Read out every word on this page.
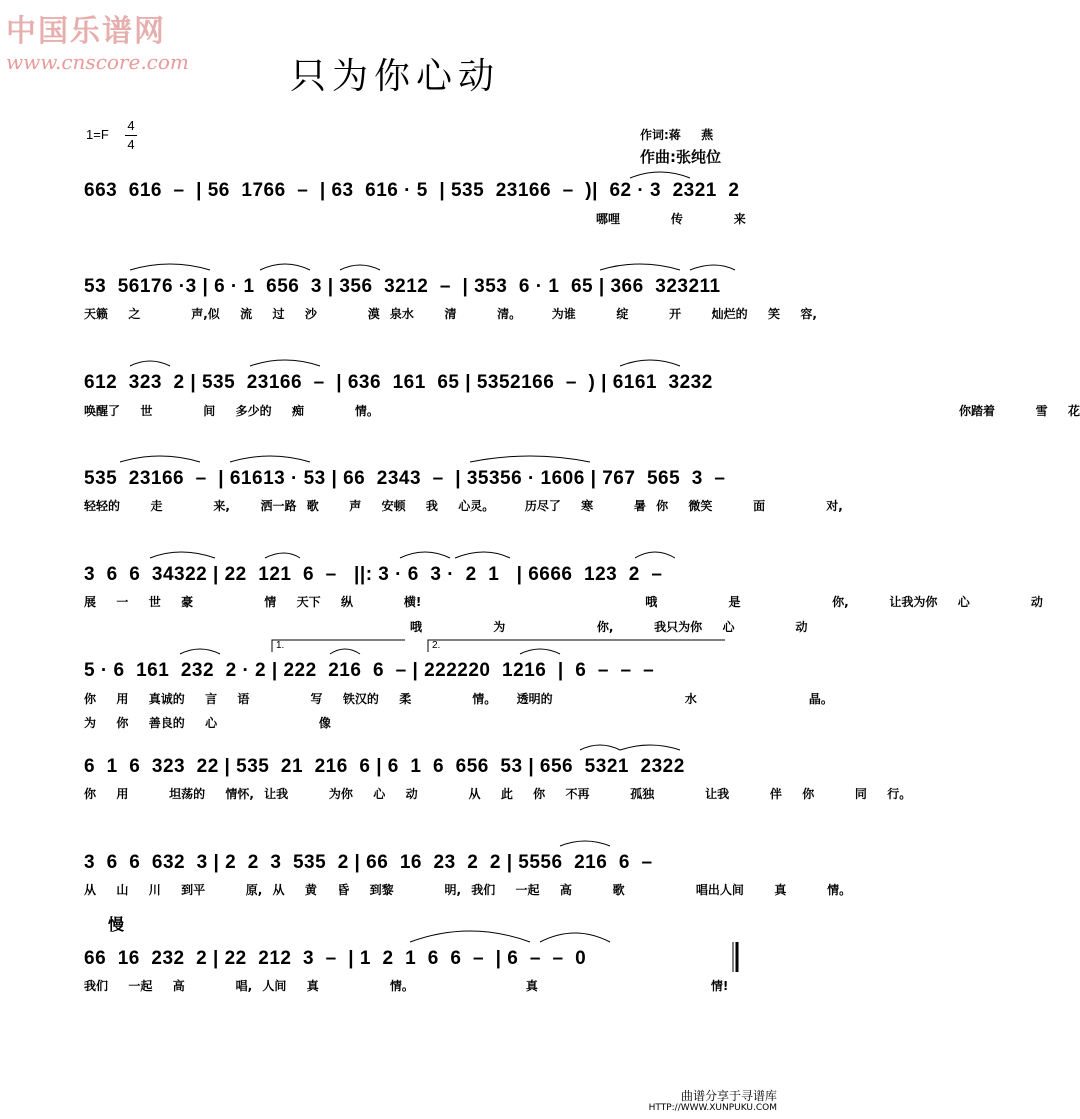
中国乐谱网
www.cnscore.com	只为你心动
1=F
4
4
作词:蒋  燕
作曲:张纯位
663  616  –  | 56  1766  –  | 63  616 · 5  | 535  23166  –  )|  62 · 3  2321  2
哪哩     传     来
53  56176 ·3 | 6 · 1  656  3 | 356  3212  –  | 353  6 · 1  65 | 366  323211
天籁  之     声,似  流  过  沙     漠 泉水   清    清。   为谁    绽    开   灿烂的  笑  容,
612  323  2 | 535  23166  –  | 636  161  65 | 5352166  –  ) | 6161  3232
唤醒了  世     间  多少的  痴     情。                                                         你踏着    雪  花
535  23166  –  | 61613 · 53 | 66  2343  –  | 35356 · 1606 | 767  565  3  –
轻轻的   走     来,   洒一路 歌   声  安顿  我  心灵。   历尽了  寒    暑 你  微笑    面      对,
3  6  6  34322 | 22  121  6  –   ||: 3 · 6  3 ·  2  1   | 6666  123  2  –
展  一  世  豪       情  天下  纵     横!                      哦       是         你,    让我为你  心      动
哦       为         你,    我只为你  心      动
1.	2.
5 · 6  161  232  2 · 2 | 222  216  6  – | 222220  1216  |  6  –  –  –
你  用  真诚的  言  语      写  铁汉的  柔      情。  透明的             水           晶。
为  你  善良的  心          像
6  1  6  323  22 | 535  21  216  6 | 6  1  6  656  53 | 656  5321  2322
你  用    坦荡的  情怀, 让我    为你  心  动     从  此  你  不再    孤独     让我    伴  你    同  行。
3  6  6  632  3 | 2  2  3  535  2 | 66  16  23  2  2 | 5556  216  6  –
从  山  川  到平    原, 从  黄  昏  到黎     明, 我们  一起  高    歌       唱出人间   真    情。
慢
66  16  232  2 | 22  212  3  –  | 1  2  1  6  6  –  | 6  –  –  0
我们  一起  高     唱, 人间  真       情。           真                 情!
曲谱分享于寻谱库
HTTP://WWW.XUNPUKU.COM
